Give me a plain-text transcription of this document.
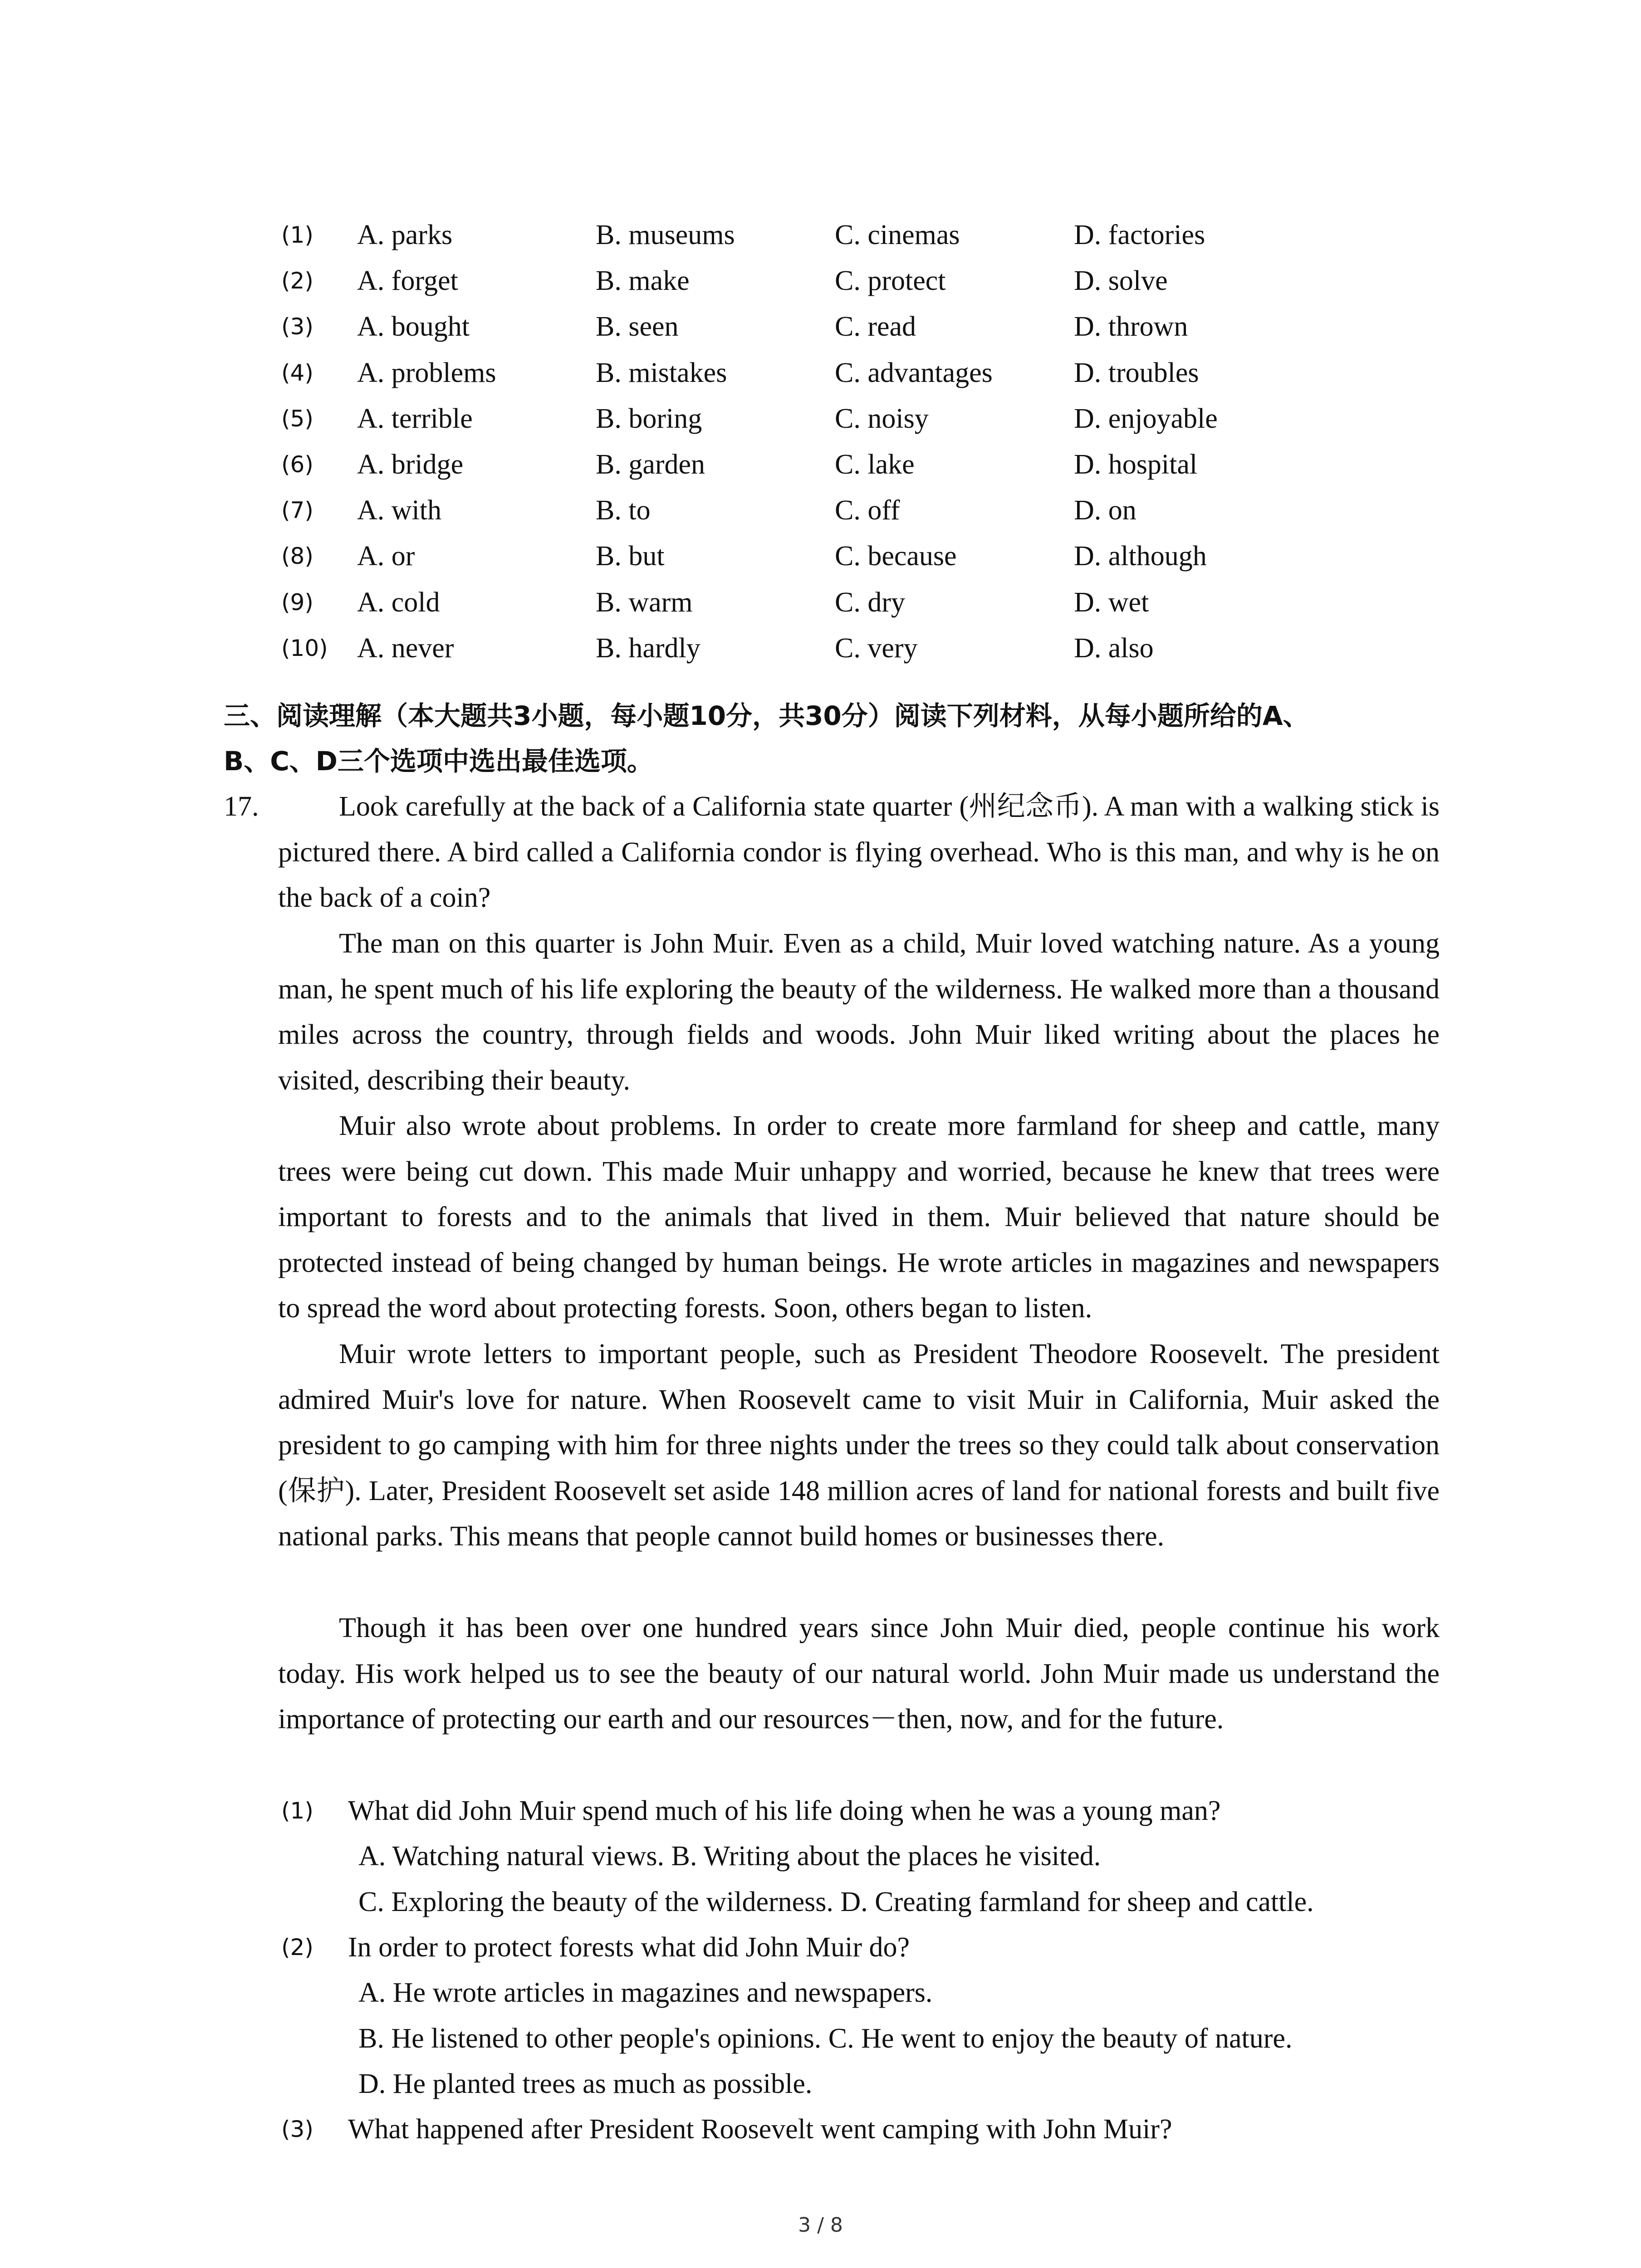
(1) A. parks	B. museums	C. cinemas	D. factories
(2) A. forget	B. make	C. protect	D. solve
(3) A. bought	B. seen	C. read	D. thrown
(4) A. problems	B. mistakes	C. advantages	D. troubles
(5) A. terrible	B. boring	C. noisy	D. enjoyable
(6) A. bridge	B. garden	C. lake	D. hospital
(7) A. with	B. to	C. off	D. on
(8) A. or	B. but	C. because	D. although
(9) A. cold	B. warm	C. dry	D. wet
(10) A. never	B. hardly	C. very	D. also
三、阅读理解（本大题共3小题，每小题10分，共30分）阅读下列材料，从每小题所给的A、
B、C、D三个选项中选出最佳选项。
17.	Look carefully at the back of a California state quarter (州纪念币). A man with a walking stick is pictured there. A bird called a California condor is flying overhead. Who is this man, and why is he on the back of a coin?

The man on this quarter is John Muir. Even as a child, Muir loved watching nature. As a young man, he spent much of his life exploring the beauty of the wilderness. He walked more than a thousand miles across the country, through fields and woods. John Muir liked writing about the places he visited, describing their beauty.

Muir also wrote about problems. In order to create more farmland for sheep and cattle, many trees were being cut down. This made Muir unhappy and worried, because he knew that trees were important to forests and to the animals that lived in them. Muir believed that nature should be protected instead of being changed by human beings. He wrote articles in magazines and newspapers to spread the word about protecting forests. Soon, others began to listen.

Muir wrote letters to important people, such as President Theodore Roosevelt. The president admired Muir's love for nature. When Roosevelt came to visit Muir in California, Muir asked the president to go camping with him for three nights under the trees so they could talk about conservation (保护). Later, President Roosevelt set aside 148 million acres of land for national forests and built five national parks. This means that people cannot build homes or businesses there.

Though it has been over one hundred years since John Muir died, people continue his work today. His work helped us to see the beauty of our natural world. John Muir made us understand the importance of protecting our earth and our resources－then, now, and for the future.

(1) What did John Muir spend much of his life doing when he was a young man?
A. Watching natural views. B. Writing about the places he visited.
C. Exploring the beauty of the wilderness. D. Creating farmland for sheep and cattle.
(2) In order to protect forests what did John Muir do?
A. He wrote articles in magazines and newspapers.
B. He listened to other people's opinions. C. He went to enjoy the beauty of nature.
D. He planted trees as much as possible.
(3) What happened after President Roosevelt went camping with John Muir?
3 / 8
